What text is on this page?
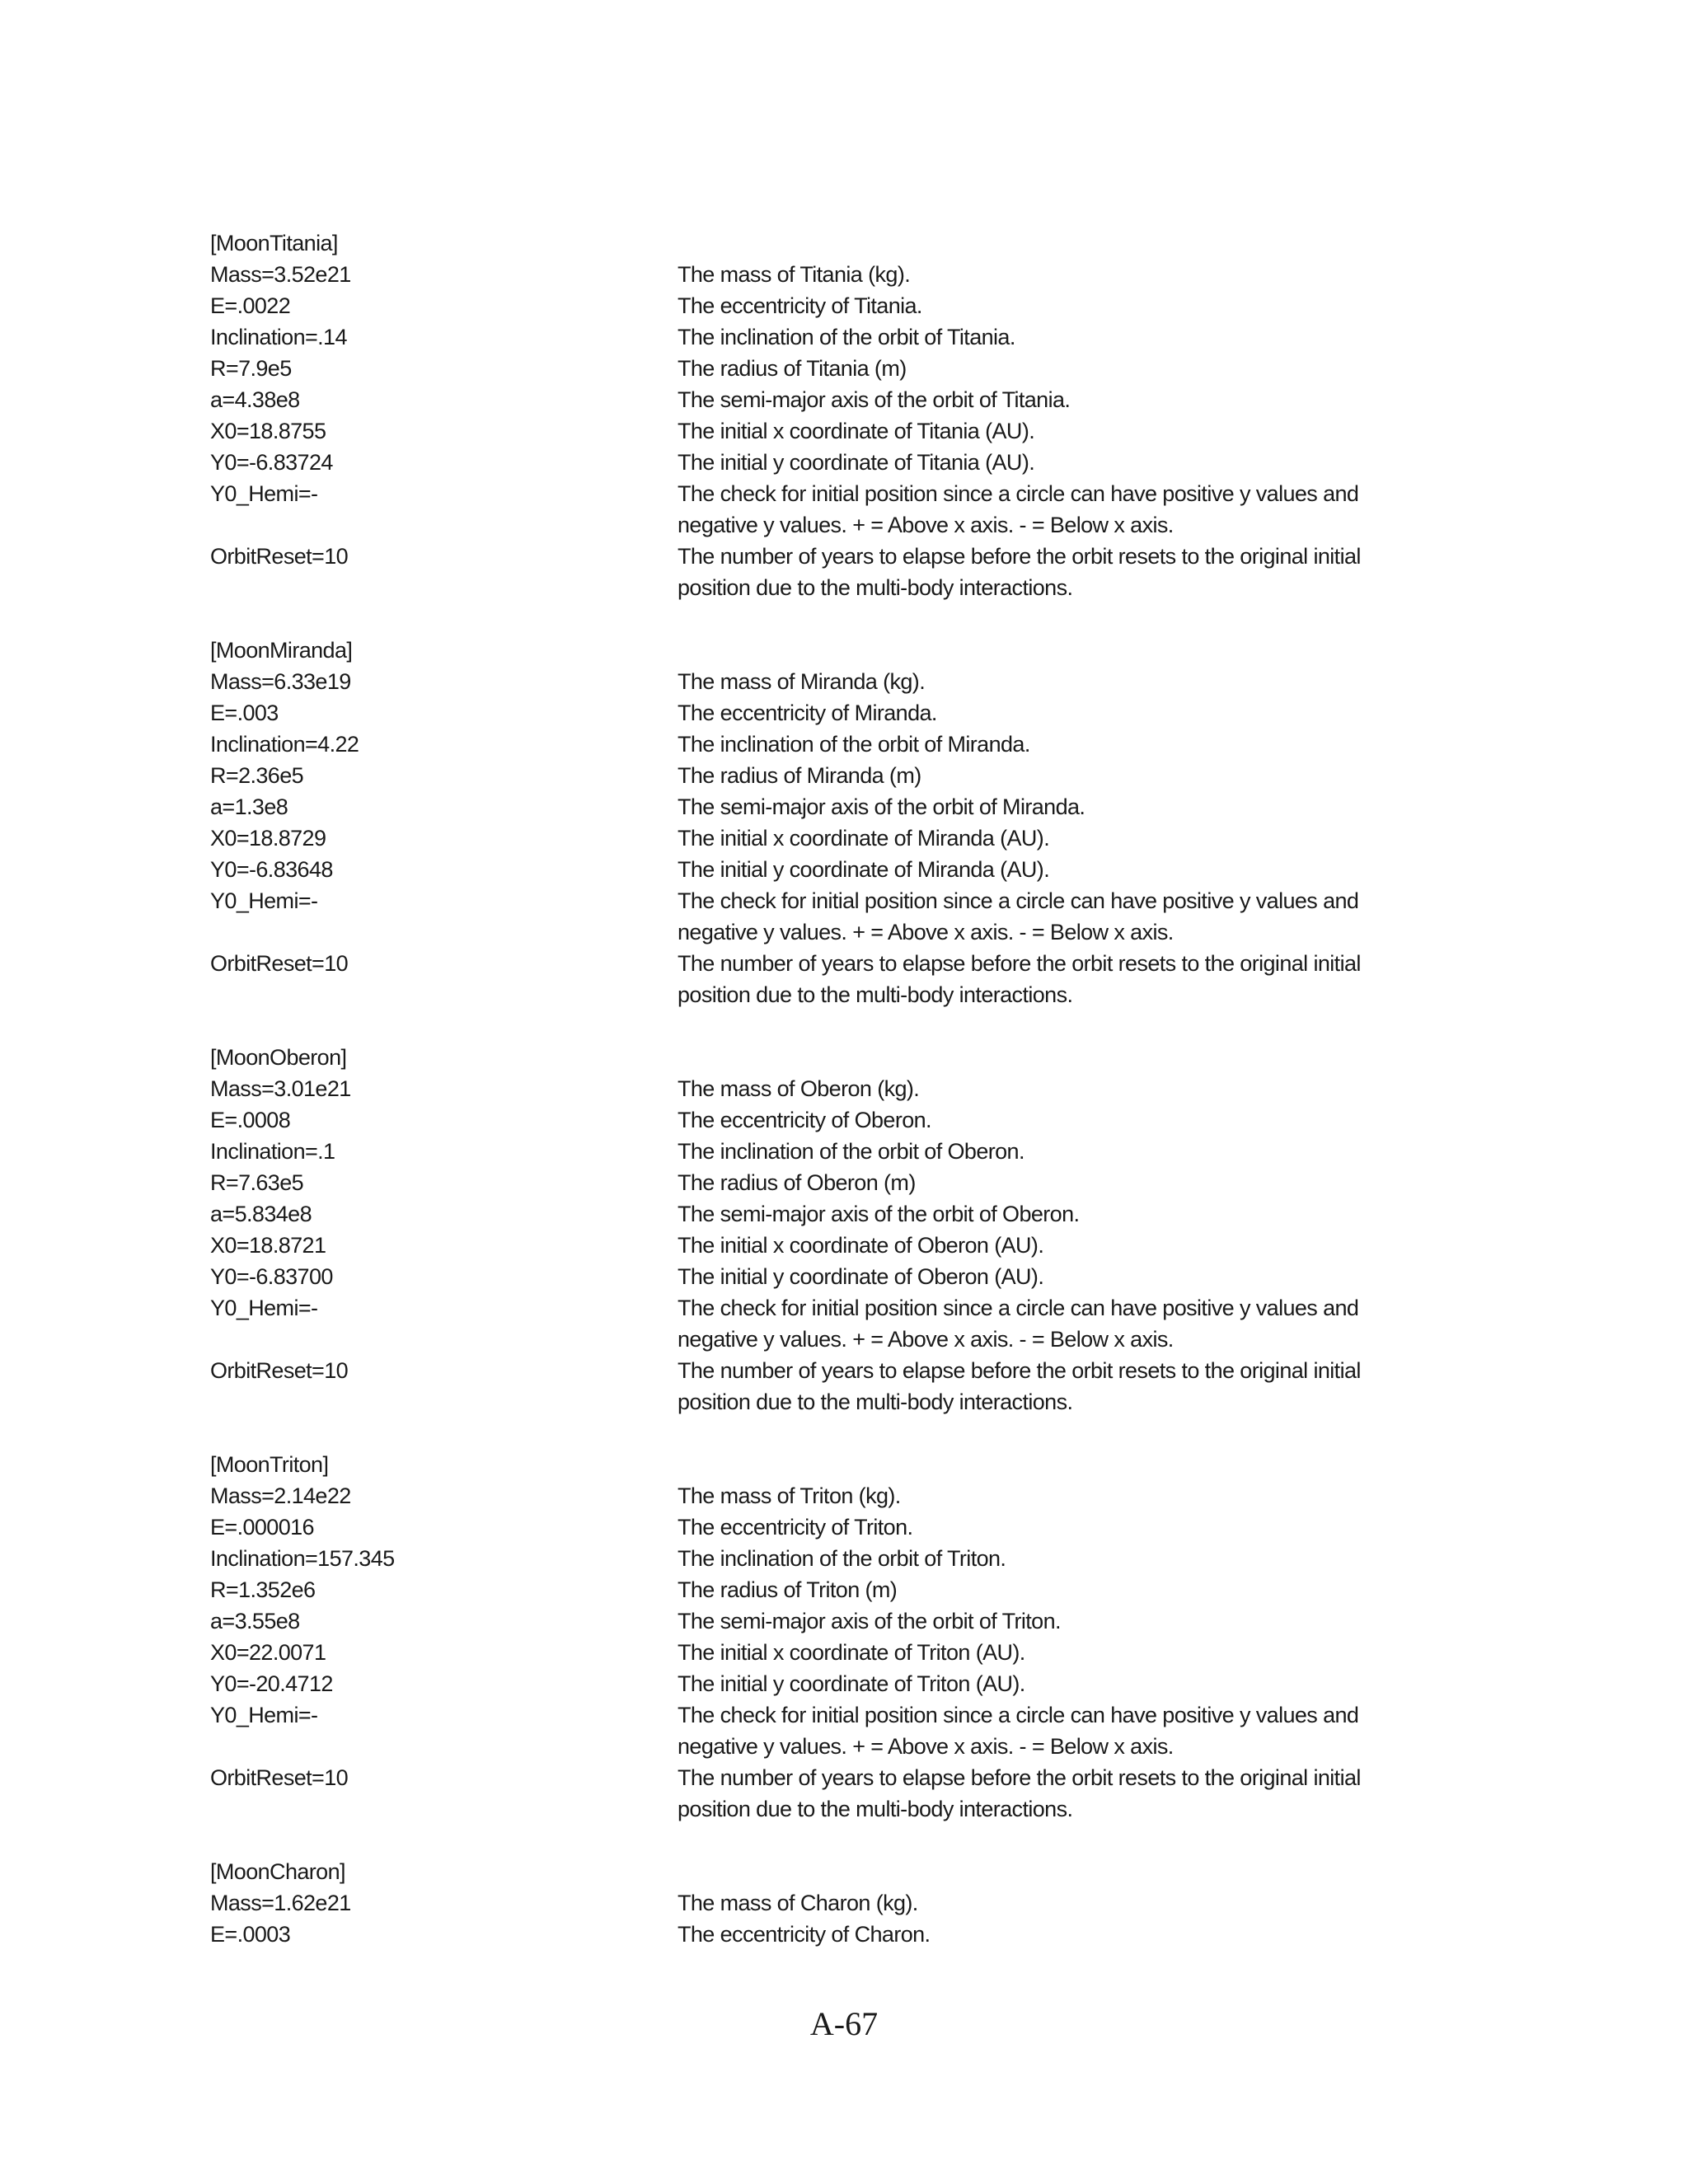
[MoonTitania]
Mass=3.52e21	The mass of Titania (kg).
E=.0022	The eccentricity of Titania.
Inclination=.14	The inclination of the orbit of Titania.
R=7.9e5	The radius of Titania (m)
a=4.38e8	The semi-major axis of the orbit of Titania.
X0=18.8755	The initial x coordinate of Titania (AU).
Y0=-6.83724	The initial y coordinate of Titania (AU).
Y0_Hemi=-	The check for initial position since a circle can have positive y values and negative y values. + = Above x axis. - = Below x axis.
OrbitReset=10	The number of years to elapse before the orbit resets to the original initial position due to the multi-body interactions.
[MoonMiranda]
Mass=6.33e19	The mass of Miranda (kg).
E=.003	The eccentricity of Miranda.
Inclination=4.22	The inclination of the orbit of Miranda.
R=2.36e5	The radius of Miranda (m)
a=1.3e8	The semi-major axis of the orbit of Miranda.
X0=18.8729	The initial x coordinate of Miranda (AU).
Y0=-6.83648	The initial y coordinate of Miranda (AU).
Y0_Hemi=-	The check for initial position since a circle can have positive y values and negative y values. + = Above x axis. - = Below x axis.
OrbitReset=10	The number of years to elapse before the orbit resets to the original initial position due to the multi-body interactions.
[MoonOberon]
Mass=3.01e21	The mass of Oberon (kg).
E=.0008	The eccentricity of Oberon.
Inclination=.1	The inclination of the orbit of Oberon.
R=7.63e5	The radius of Oberon (m)
a=5.834e8	The semi-major axis of the orbit of Oberon.
X0=18.8721	The initial x coordinate of Oberon (AU).
Y0=-6.83700	The initial y coordinate of Oberon (AU).
Y0_Hemi=-	The check for initial position since a circle can have positive y values and negative y values. + = Above x axis. - = Below x axis.
OrbitReset=10	The number of years to elapse before the orbit resets to the original initial position due to the multi-body interactions.
[MoonTriton]
Mass=2.14e22	The mass of Triton (kg).
E=.000016	The eccentricity of Triton.
Inclination=157.345	The inclination of the orbit of Triton.
R=1.352e6	The radius of Triton (m)
a=3.55e8	The semi-major axis of the orbit of Triton.
X0=22.0071	The initial x coordinate of Triton (AU).
Y0=-20.4712	The initial y coordinate of Triton (AU).
Y0_Hemi=-	The check for initial position since a circle can have positive y values and negative y values. + = Above x axis. - = Below x axis.
OrbitReset=10	The number of years to elapse before the orbit resets to the original initial position due to the multi-body interactions.
[MoonCharon]
Mass=1.62e21	The mass of Charon (kg).
E=.0003	The eccentricity of Charon.
A-67
